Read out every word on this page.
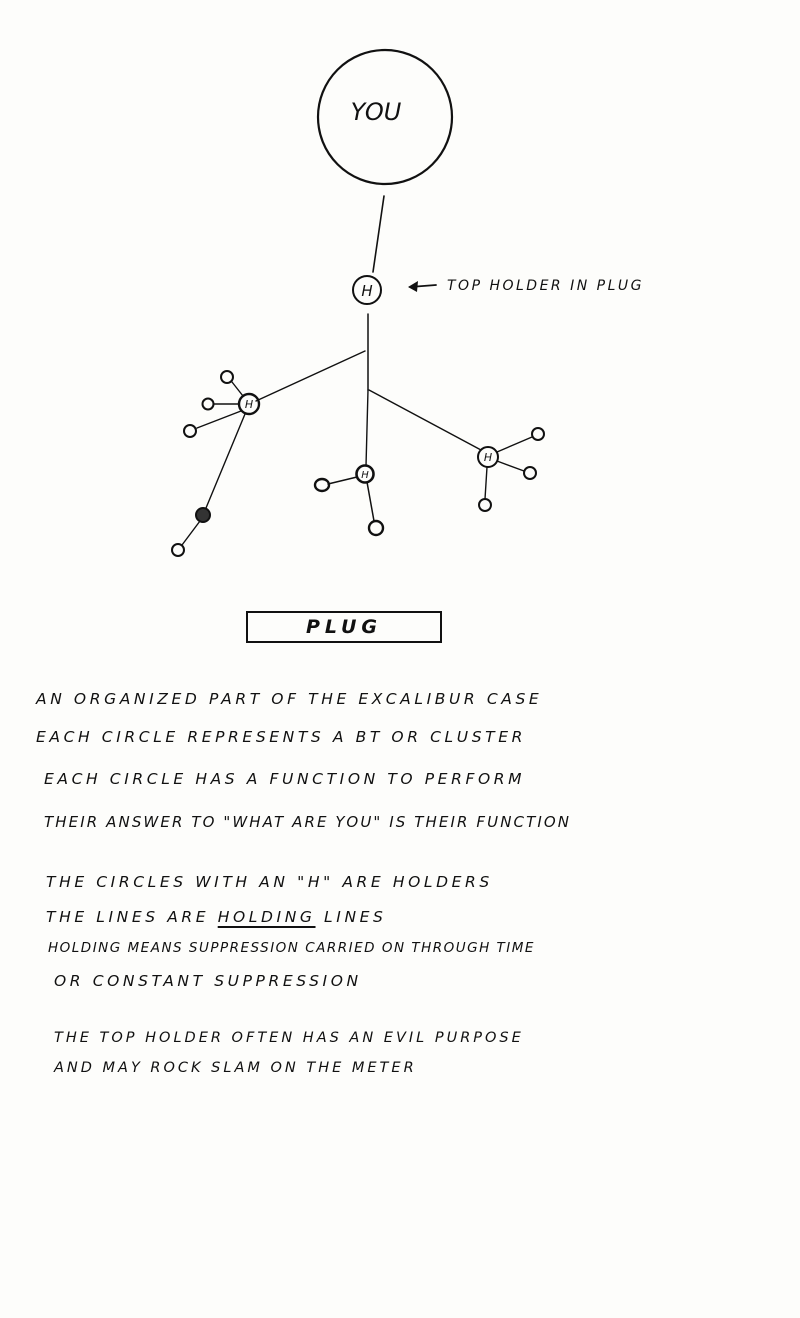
YOU
H	TOP HOLDER IN PLUG
H
H
H
PLUG
AN ORGANIZED PART OF THE EXCALIBUR CASE
EACH CIRCLE REPRESENTS A BT OR CLUSTER
EACH CIRCLE HAS A FUNCTION TO PERFORM
THEIR ANSWER TO "WHAT ARE YOU" IS THEIR FUNCTION
THE CIRCLES WITH AN "H" ARE HOLDERS
THE LINES ARE HOLDING LINES
HOLDING MEANS SUPPRESSION CARRIED ON THROUGH TIME
OR CONSTANT SUPPRESSION
THE TOP HOLDER OFTEN HAS AN EVIL PURPOSE
AND MAY ROCK SLAM ON THE METER
